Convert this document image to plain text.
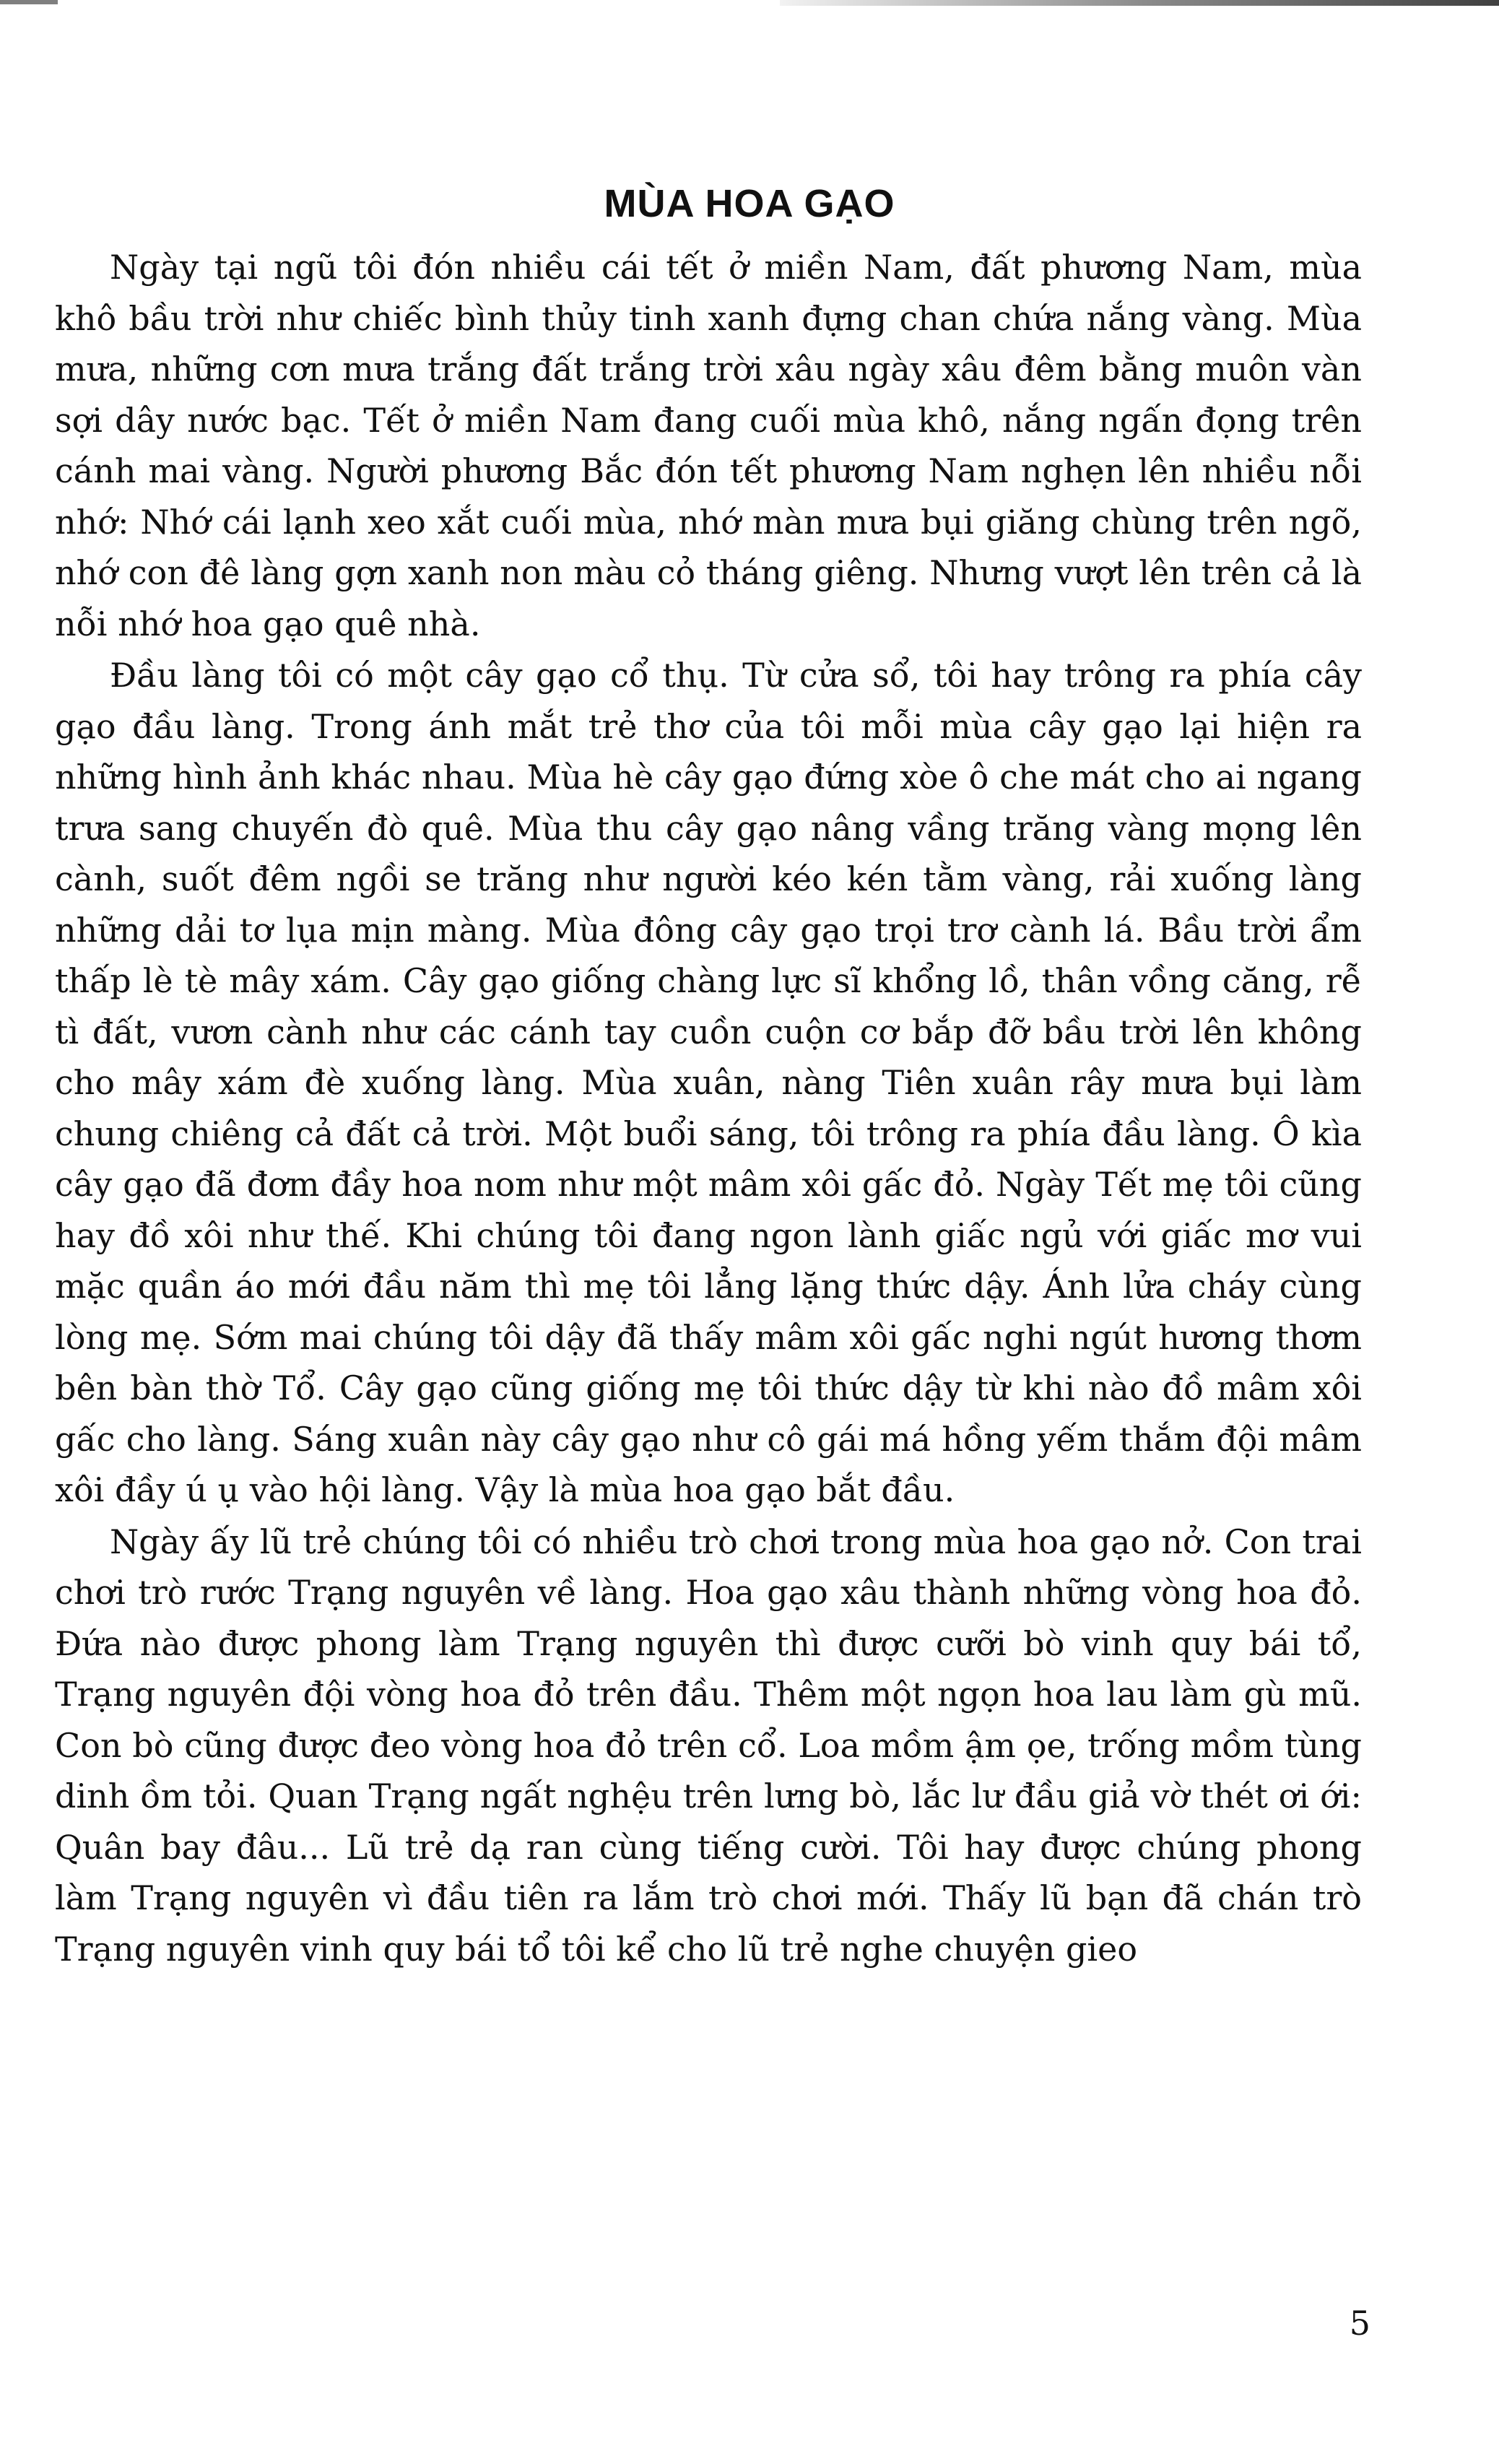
MÙA HOA GẠO

Ngày tại ngũ tôi đón nhiều cái tết ở miền Nam, đất phương Nam, mùa khô bầu trời như chiếc bình thủy tinh xanh đựng chan chứa nắng vàng. Mùa mưa, những cơn mưa trắng đất trắng trời xâu ngày xâu đêm bằng muôn vàn sợi dây nước bạc. Tết ở miền Nam đang cuối mùa khô, nắng ngấn đọng trên cánh mai vàng. Người phương Bắc đón tết phương Nam nghẹn lên nhiều nỗi nhớ: Nhớ cái lạnh xeo xắt cuối mùa, nhớ màn mưa bụi giăng chùng trên ngõ, nhớ con đê làng gợn xanh non màu cỏ tháng giêng. Nhưng vượt lên trên cả là nỗi nhớ hoa gạo quê nhà.

Đầu làng tôi có một cây gạo cổ thụ. Từ cửa sổ, tôi hay trông ra phía cây gạo đầu làng. Trong ánh mắt trẻ thơ của tôi mỗi mùa cây gạo lại hiện ra những hình ảnh khác nhau. Mùa hè cây gạo đứng xòe ô che mát cho ai ngang trưa sang chuyến đò quê. Mùa thu cây gạo nâng vầng trăng vàng mọng lên cành, suốt đêm ngồi se trăng như người kéo kén tằm vàng, rải xuống làng những dải tơ lụa mịn màng. Mùa đông cây gạo trọi trơ cành lá. Bầu trời ẩm thấp lè tè mây xám. Cây gạo giống chàng lực sĩ khổng lồ, thân vồng căng, rễ tì đất, vươn cành như các cánh tay cuồn cuộn cơ bắp đỡ bầu trời lên không cho mây xám đè xuống làng. Mùa xuân, nàng Tiên xuân rây mưa bụi làm chung chiêng cả đất cả trời. Một buổi sáng, tôi trông ra phía đầu làng. Ô kìa cây gạo đã đơm đầy hoa nom như một mâm xôi gấc đỏ. Ngày Tết mẹ tôi cũng hay đồ xôi như thế. Khi chúng tôi đang ngon lành giấc ngủ với giấc mơ vui mặc quần áo mới đầu năm thì mẹ tôi lẳng lặng thức dậy. Ánh lửa cháy cùng lòng mẹ. Sớm mai chúng tôi dậy đã thấy mâm xôi gấc nghi ngút hương thơm bên bàn thờ Tổ. Cây gạo cũng giống mẹ tôi thức dậy từ khi nào đồ mâm xôi gấc cho làng. Sáng xuân này cây gạo như cô gái má hồng yếm thắm đội mâm xôi đầy ú ụ vào hội làng. Vậy là mùa hoa gạo bắt đầu.

Ngày ấy lũ trẻ chúng tôi có nhiều trò chơi trong mùa hoa gạo nở. Con trai chơi trò rước Trạng nguyên về làng. Hoa gạo xâu thành những vòng hoa đỏ. Đứa nào được phong làm Trạng nguyên thì được cưỡi bò vinh quy bái tổ, Trạng nguyên đội vòng hoa đỏ trên đầu. Thêm một ngọn hoa lau làm gù mũ. Con bò cũng được đeo vòng hoa đỏ trên cổ. Loa mồm ậm ọe, trống mồm tùng dinh ồm tỏi. Quan Trạng ngất nghệu trên lưng bò, lắc lư đầu giả vờ thét ơi ới: Quân bay đâu... Lũ trẻ dạ ran cùng tiếng cười. Tôi hay được chúng phong làm Trạng nguyên vì đầu tiên ra lắm trò chơi mới. Thấy lũ bạn đã chán trò Trạng nguyên vinh quy bái tổ tôi kể cho lũ trẻ nghe chuyện gieo

5
